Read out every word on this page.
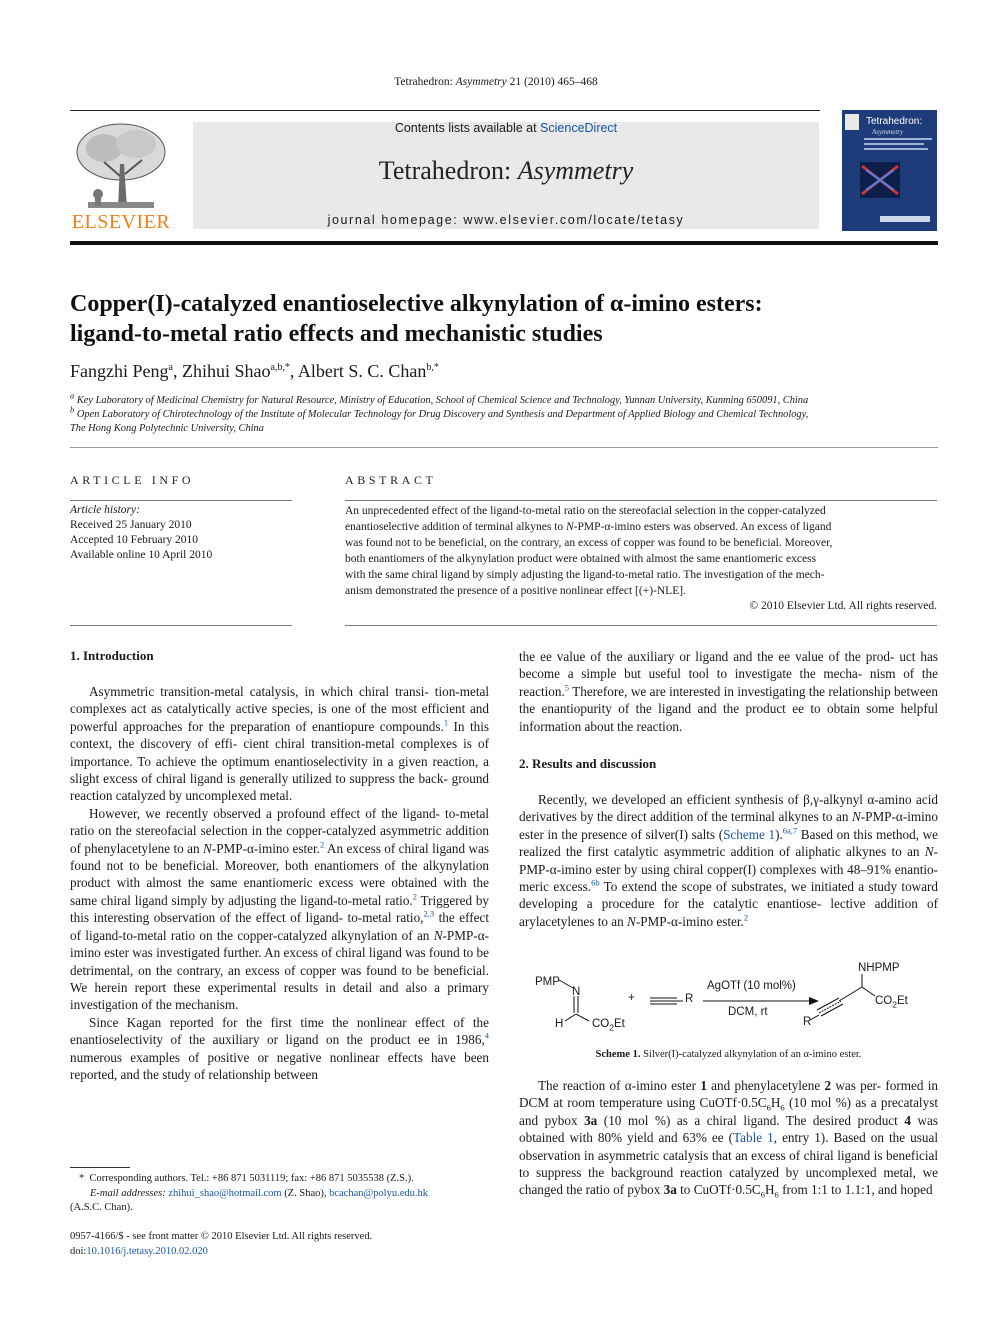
Tetrahedron: Asymmetry 21 (2010) 465–468
ELSEVIER
Contents lists available at ScienceDirect
Tetrahedron: Asymmetry
journal homepage: www.elsevier.com/locate/tetasy
Tetrahedron:
Asymmetry
Copper(I)-catalyzed enantioselective alkynylation of α-imino esters:
ligand-to-metal ratio effects and mechanistic studies
Fangzhi Peng$^a$, Zhihui Shao$^{a,b,*}$, Albert S. C. Chan$^{b,*}$
$^a$ Key Laboratory of Medicinal Chemistry for Natural Resource, Ministry of Education, School of Chemical Science and Technology, Yunnan University, Kunming 650091, China
$^b$ Open Laboratory of Chirotechnology of the Institute of Molecular Technology for Drug Discovery and Synthesis and Department of Applied Biology and Chemical Technology,
The Hong Kong Polytechnic University, China
ARTICLE INFO
Article history:
Received 25 January 2010
Accepted 10 February 2010
Available online 10 April 2010
ABSTRACT
An unprecedented effect of the ligand-to-metal ratio on the stereofacial selection in the copper-catalyzed
enantioselective addition of terminal alkynes to N-PMP-α-imino esters was observed. An excess of ligand
was found not to be beneficial, on the contrary, an excess of copper was found to be beneficial. Moreover,
both enantiomers of the alkynylation product were obtained with almost the same enantiomeric excess
with the same chiral ligand by simply adjusting the ligand-to-metal ratio. The investigation of the mech-
anism demonstrated the presence of a positive nonlinear effect [(+)-NLE].
© 2010 Elsevier Ltd. All rights reserved.
1. Introduction

Asymmetric transition-metal catalysis, in which chiral transi- tion-metal complexes act as catalytically active species, is one of the most efficient and powerful approaches for the preparation of enantiopure compounds.$^1$ In this context, the discovery of effi- cient chiral transition-metal complexes is of importance. To achieve the optimum enantioselectivity in a given reaction, a slight excess of chiral ligand is generally utilized to suppress the back- ground reaction catalyzed by uncomplexed metal.

However, we recently observed a profound effect of the ligand- to-metal ratio on the stereofacial selection in the copper-catalyzed asymmetric addition of phenylacetylene to an N-PMP-α-imino ester.$^2$ An excess of chiral ligand was found not to be beneficial. Moreover, both enantiomers of the alkynylation product with almost the same enantiomeric excess were obtained with the same chiral ligand simply by adjusting the ligand-to-metal ratio.$^2$ Triggered by this interesting observation of the effect of ligand- to-metal ratio,$^{2,3}$ the effect of ligand-to-metal ratio on the copper-catalyzed alkynylation of an N-PMP-α-imino ester was investigated further. An excess of chiral ligand was found to be detrimental, on the contrary, an excess of copper was found to be beneficial. We herein report these experimental results in detail and also a primary investigation of the mechanism.

Since Kagan reported for the first time the nonlinear effect of the enantioselectivity of the auxiliary or ligand on the product ee in 1986,$^4$ numerous examples of positive or negative nonlinear effects have been reported, and the study of relationship between

the ee value of the auxiliary or ligand and the ee value of the prod- uct has become a simple but useful tool to investigate the mecha- nism of the reaction.$^5$ Therefore, we are interested in investigating the relationship between the enantiopurity of the ligand and the product ee to obtain some helpful information about the reaction.

2. Results and discussion

Recently, we developed an efficient synthesis of β,γ-alkynyl α-amino acid derivatives by the direct addition of the terminal alkynes to an N-PMP-α-imino ester in the presence of silver(I) salts (Scheme 1).$^{6a,7}$ Based on this method, we realized the first catalytic asymmetric addition of aliphatic alkynes to an N-PMP-α-imino ester by using chiral copper(I) complexes with 48–91% enantio- meric excess.$^{6b}$ To extend the scope of substrates, we initiated a study toward developing a procedure for the catalytic enantiose- lective addition of arylacetylenes to an N-PMP-α-imino ester.$^2$

PMP
N
H $CO_2Et$
+	R
AgOTf (10 mol%)
DCM, rt
NHPMP
$CO_2Et$
R
Scheme 1. Silver(I)-catalyzed alkynylation of an α-imino ester.

The reaction of α-imino ester 1 and phenylacetylene 2 was per- formed in DCM at room temperature using $CuOTf\cdot 0.5C_6H_6$ (10 mol %) as a precatalyst and pybox 3a (10 mol %) as a chiral ligand. The desired product 4 was obtained with 80% yield and 63% ee (Table 1, entry 1). Based on the usual observation in asymmetric catalysis that an excess of chiral ligand is beneficial to suppress the background reaction catalyzed by uncomplexed metal, we changed the ratio of pybox 3a to $CuOTf\cdot 0.5C_6H_6$ from 1:1 to 1.1:1, and hoped

* Corresponding authors. Tel.: +86 871 5031119; fax: +86 871 5035538 (Z.S.).
E-mail addresses: zhihui_shao@hotmail.com (Z. Shao), bcachan@polyu.edu.hk
(A.S.C. Chan).
0957-4166/$ - see front matter © 2010 Elsevier Ltd. All rights reserved.
doi:10.1016/j.tetasy.2010.02.020
